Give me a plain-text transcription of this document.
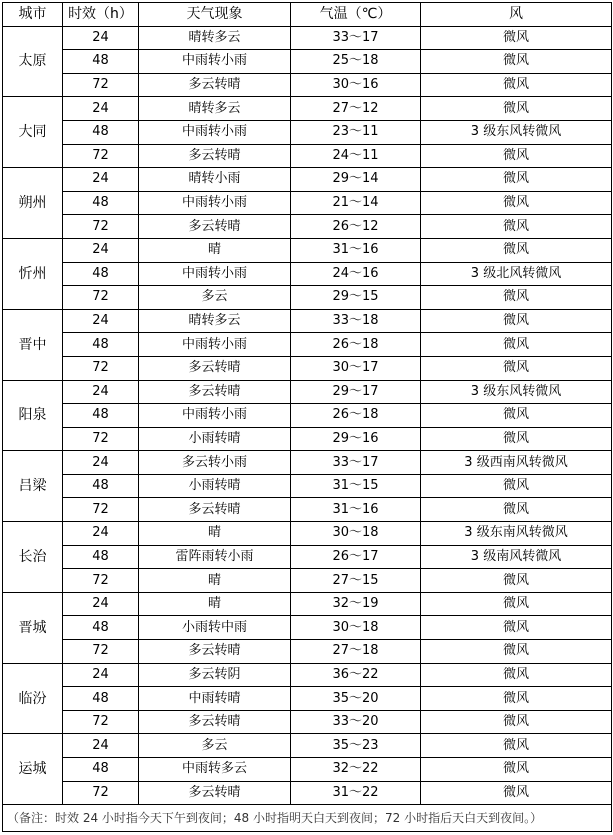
城市	时效（h）	天气现象	气温（℃）	风
太原	24	晴转多云	33～17	微风
	48	中雨转小雨	25～18	微风
	72	多云转晴	30～16	微风
大同	24	晴转多云	27～12	微风
	48	中雨转小雨	23～11	3 级东风转微风
	72	多云转晴	24～11	微风
朔州	24	晴转小雨	29～14	微风
	48	中雨转小雨	21～14	微风
	72	多云转晴	26～12	微风
忻州	24	晴	31～16	微风
	48	中雨转小雨	24～16	3 级北风转微风
	72	多云	29～15	微风
晋中	24	晴转多云	33～18	微风
	48	中雨转小雨	26～18	微风
	72	多云转晴	30～17	微风
阳泉	24	多云转晴	29～17	3 级东风转微风
	48	中雨转小雨	26～18	微风
	72	小雨转晴	29～16	微风
吕梁	24	多云转小雨	33～17	3 级西南风转微风
	48	小雨转晴	31～15	微风
	72	多云转晴	31～16	微风
长治	24	晴	30～18	3 级东南风转微风
	48	雷阵雨转小雨	26～17	3 级南风转微风
	72	晴	27～15	微风
晋城	24	晴	32～19	微风
	48	小雨转中雨	30～18	微风
	72	多云转晴	27～18	微风
临汾	24	多云转阴	36～22	微风
	48	中雨转晴	35～20	微风
	72	多云转晴	33～20	微风
运城	24	多云	35～23	微风
	48	中雨转多云	32～22	微风
	72	多云转晴	31～22	微风
（备注：时效 24 小时指今天下午到夜间；48 小时指明天白天到夜间；72 小时指后天白天到夜间。）				
